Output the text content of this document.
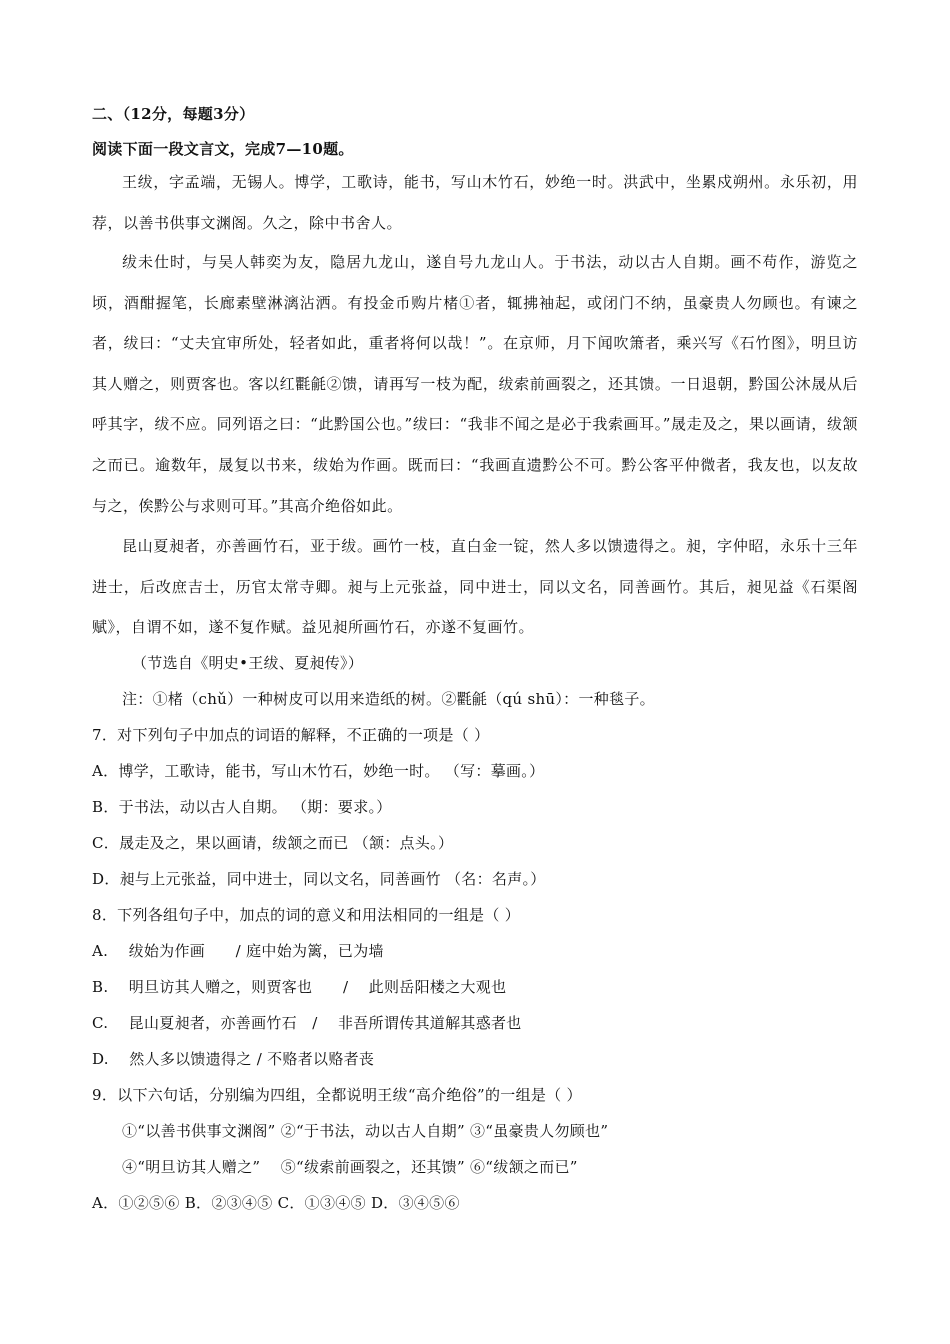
二、（12分，每题3分）
阅读下面一段文言文，完成7—10题。
王绂，字孟端，无锡人。博学，工歌诗，能书，写山木竹石，妙绝一时。洪武中，坐累戍朔州。永乐初，用荐，以善书供事文渊阁。久之，除中书舍人。
绂未仕时，与吴人韩奕为友，隐居九龙山，遂自号九龙山人。于书法，动以古人自期。画不苟作，游览之顷，酒酣握笔，长廊素壁淋漓沾洒。有投金币购片楮①者，辄拂袖起，或闭门不纳，虽豪贵人勿顾也。有谏之者，绂曰：“丈夫宜审所处，轻者如此，重者将何以哉！”。在京师，月下闻吹箫者，乘兴写《石竹图》，明旦访其人赠之，则贾客也。客以红氍毹②馈，请再写一枝为配，绂索前画裂之，还其馈。一日退朝，黔国公沐晟从后呼其字，绂不应。同列语之曰：“此黔国公也。”绂曰：“我非不闻之是必于我索画耳。”晟走及之，果以画请，绂颔之而已。逾数年，晟复以书来，绂始为作画。既而曰：“我画直遗黔公不可。黔公客平仲微者，我友也，以友故与之，俟黔公与求则可耳。”其高介绝俗如此。
昆山夏昶者，亦善画竹石，亚于绂。画竹一枝，直白金一锭，然人多以馈遗得之。昶，字仲昭，永乐十三年进士，后改庶吉士，历官太常寺卿。昶与上元张益，同中进士，同以文名，同善画竹。其后，昶见益《石渠阁赋》，自谓不如，遂不复作赋。益见昶所画竹石，亦遂不复画竹。
（节选自《明史•王绂、夏昶传》）
注：①楮（chǔ）一种树皮可以用来造纸的树。②氍毹（qú shū）：一种毯子。
7．对下列句子中加点的词语的解释，不正确的一项是（ ）
A．博学，工歌诗，能书，写山木竹石，妙绝一时。 （写：摹画。）
B．于书法，动以古人自期。 （期：要求。）
C．晟走及之，果以画请，绂颔之而已 （颔：点头。）
D．昶与上元张益，同中进士，同以文名，同善画竹 （名：名声。）
8．下列各组句子中，加点的词的意义和用法相同的一组是（ ）
A.　 绂始为作画　　/ 庭中始为篱，已为墙
B.　 明旦访其人赠之，则贾客也　　/　 此则岳阳楼之大观也
C.　 昆山夏昶者，亦善画竹石　/　 非吾所谓传其道解其惑者也
D.　 然人多以馈遗得之 / 不赂者以赂者丧
9．以下六句话，分别编为四组，全都说明王绂“高介绝俗”的一组是（ ）
①“以善书供事文渊阁” ②“于书法，动以古人自期” ③“虽豪贵人勿顾也”
④“明旦访其人赠之”　 ⑤“绂索前画裂之，还其馈” ⑥“绂颔之而已”
A．①②⑤⑥ B．②③④⑤ C．①③④⑤ D．③④⑤⑥
